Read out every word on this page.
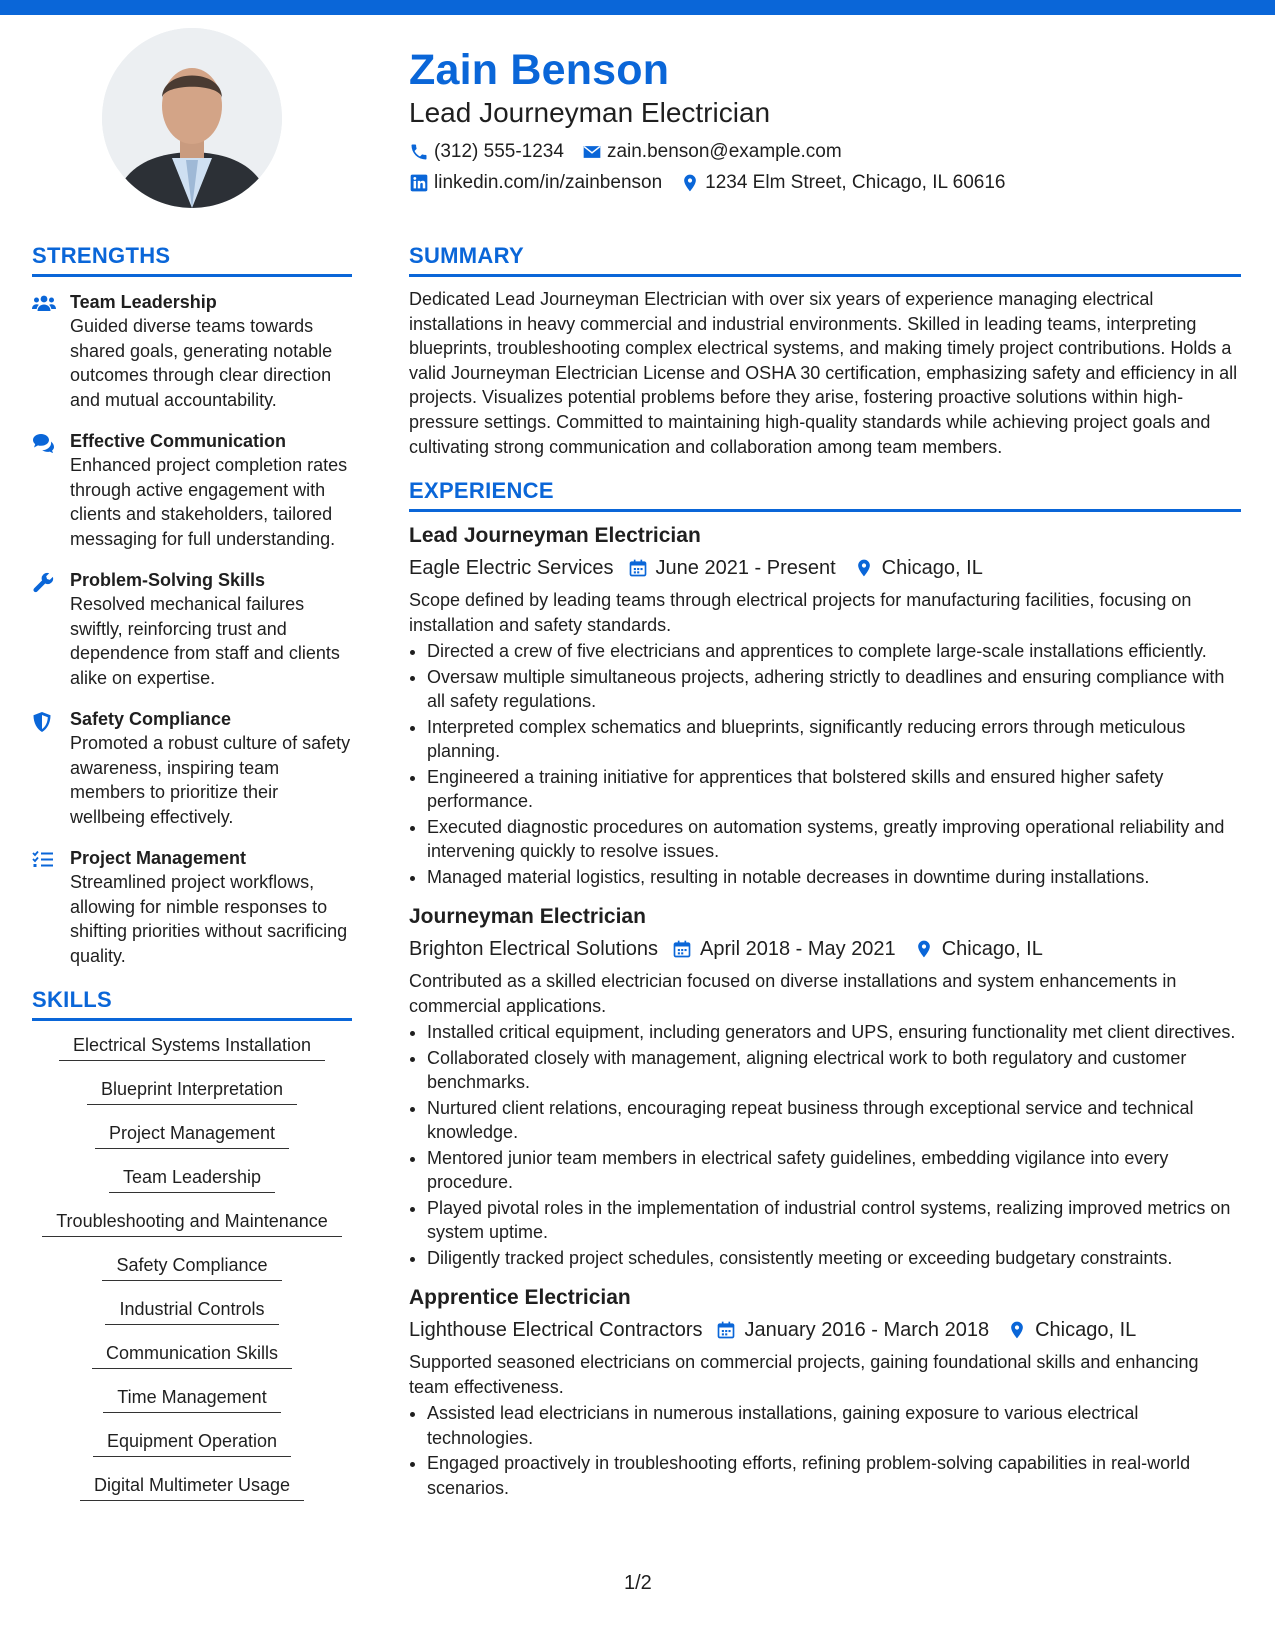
Zain Benson
Lead Journeyman Electrician
(312) 555-1234 zain.benson@example.com
linkedin.com/in/zainbenson 1234 Elm Street, Chicago, IL 60616
STRENGTHS
Team Leadership
Guided diverse teams towards shared goals, generating notable outcomes through clear direction and mutual accountability.
Effective Communication
Enhanced project completion rates through active engagement with clients and stakeholders, tailored messaging for full understanding.
Problem-Solving Skills
Resolved mechanical failures swiftly, reinforcing trust and dependence from staff and clients alike on expertise.
Safety Compliance
Promoted a robust culture of safety awareness, inspiring team members to prioritize their wellbeing effectively.
Project Management
Streamlined project workflows, allowing for nimble responses to shifting priorities without sacrificing quality.
SKILLS
Electrical Systems Installation
Blueprint Interpretation
Project Management
Team Leadership
Troubleshooting and Maintenance
Safety Compliance
Industrial Controls
Communication Skills
Time Management
Equipment Operation
Digital Multimeter Usage
SUMMARY
Dedicated Lead Journeyman Electrician with over six years of experience managing electrical installations in heavy commercial and industrial environments. Skilled in leading teams, interpreting blueprints, troubleshooting complex electrical systems, and making timely project contributions. Holds a valid Journeyman Electrician License and OSHA 30 certification, emphasizing safety and efficiency in all projects. Visualizes potential problems before they arise, fostering proactive solutions within high-pressure settings. Committed to maintaining high-quality standards while achieving project goals and cultivating strong communication and collaboration among team members.
EXPERIENCE
Lead Journeyman Electrician
Eagle Electric Services June 2021 - Present Chicago, IL
Scope defined by leading teams through electrical projects for manufacturing facilities, focusing on installation and safety standards.
• Directed a crew of five electricians and apprentices to complete large-scale installations efficiently.
• Oversaw multiple simultaneous projects, adhering strictly to deadlines and ensuring compliance with all safety regulations.
• Interpreted complex schematics and blueprints, significantly reducing errors through meticulous planning.
• Engineered a training initiative for apprentices that bolstered skills and ensured higher safety performance.
• Executed diagnostic procedures on automation systems, greatly improving operational reliability and intervening quickly to resolve issues.
• Managed material logistics, resulting in notable decreases in downtime during installations.
Journeyman Electrician
Brighton Electrical Solutions April 2018 - May 2021 Chicago, IL
Contributed as a skilled electrician focused on diverse installations and system enhancements in commercial applications.
• Installed critical equipment, including generators and UPS, ensuring functionality met client directives.
• Collaborated closely with management, aligning electrical work to both regulatory and customer benchmarks.
• Nurtured client relations, encouraging repeat business through exceptional service and technical knowledge.
• Mentored junior team members in electrical safety guidelines, embedding vigilance into every procedure.
• Played pivotal roles in the implementation of industrial control systems, realizing improved metrics on system uptime.
• Diligently tracked project schedules, consistently meeting or exceeding budgetary constraints.
Apprentice Electrician
Lighthouse Electrical Contractors January 2016 - March 2018 Chicago, IL
Supported seasoned electricians on commercial projects, gaining foundational skills and enhancing team effectiveness.
• Assisted lead electricians in numerous installations, gaining exposure to various electrical technologies.
• Engaged proactively in troubleshooting efforts, refining problem-solving capabilities in real-world scenarios.
1/2
